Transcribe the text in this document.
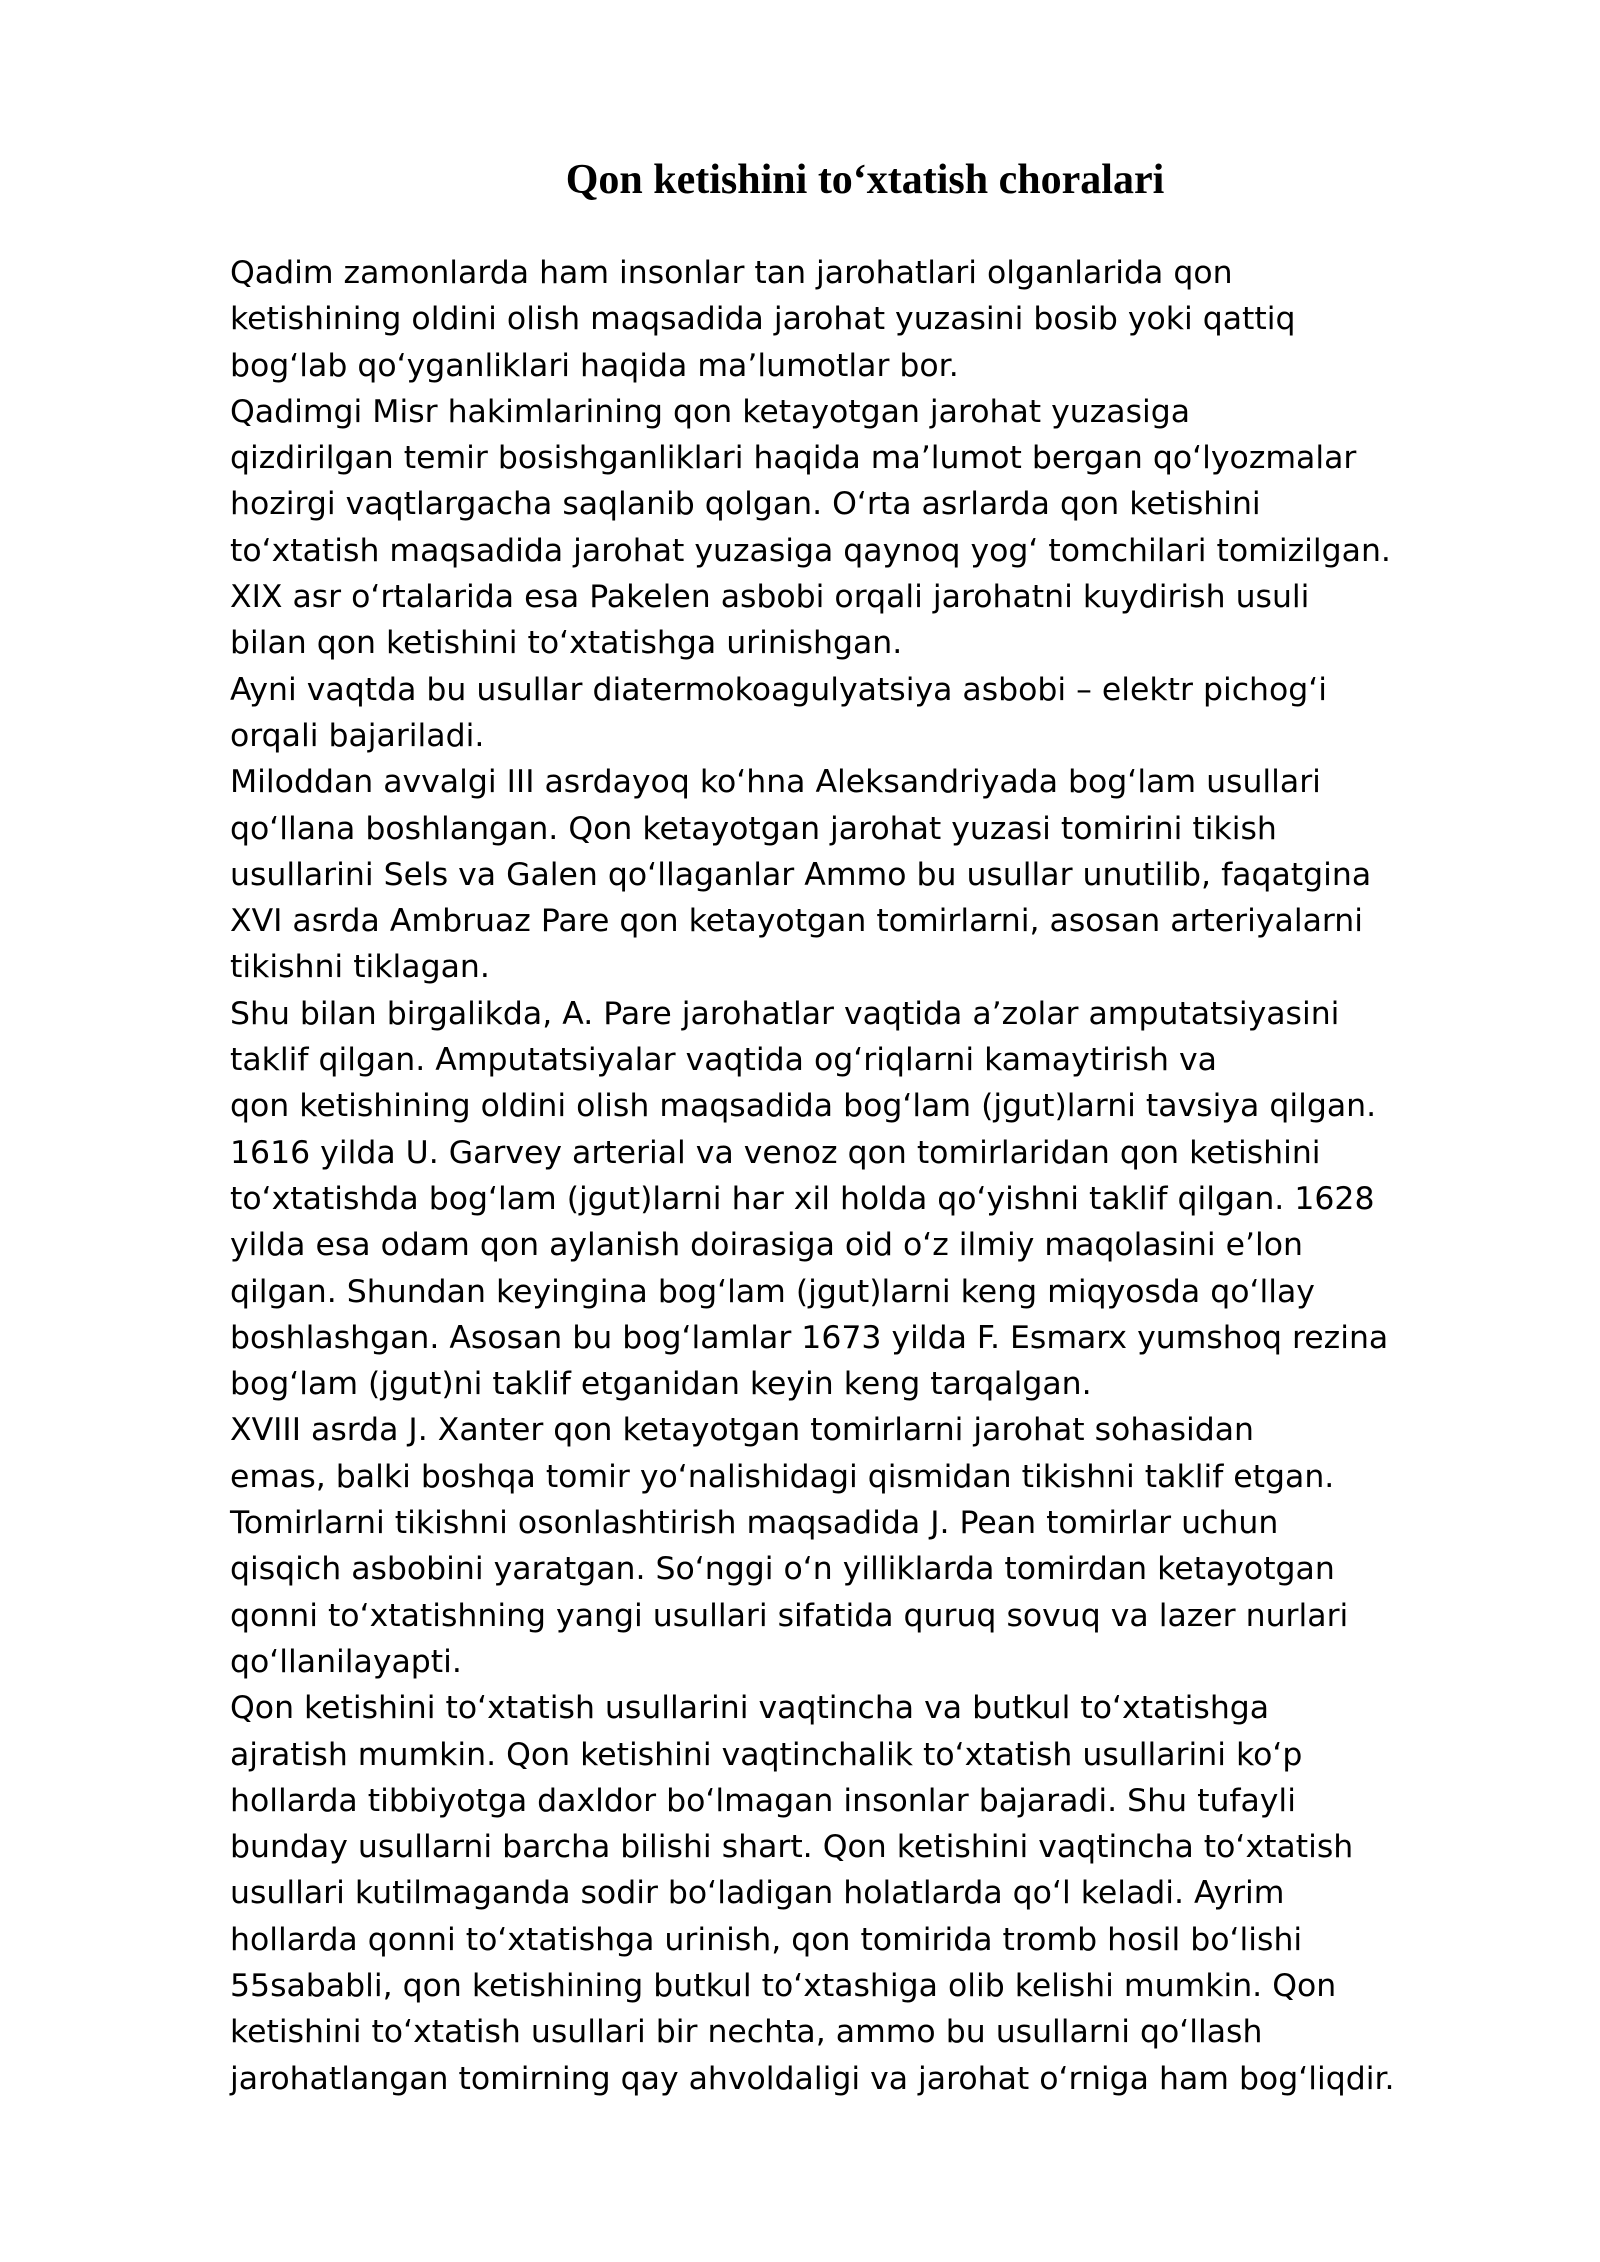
Qon ketishini to‘xtatish choralari
Qadim zamonlarda ham insonlar tan jarohatlari olganlarida qon
ketishining oldini olish maqsadida jarohat yuzasini bosib yoki qattiq
bog‘lab qo‘yganliklari haqida ma’lumotlar bor.
Qadimgi Misr hakimlarining qon ketayotgan jarohat yuzasiga
qizdirilgan temir bosishganliklari haqida ma’lumot bergan qo‘lyozmalar
hozirgi vaqtlargacha saqlanib qolgan. O‘rta asrlarda qon ketishini
to‘xtatish maqsadida jarohat yuzasiga qaynoq yog‘ tomchilari tomizilgan.
XIX asr o‘rtalarida esa Pakelen asbobi orqali jarohatni kuydirish usuli
bilan qon ketishini to‘xtatishga urinishgan.
Ayni vaqtda bu usullar diatermokoagulyatsiya asbobi – elektr pichog‘i
orqali bajariladi.
Miloddan avvalgi III asrdayoq ko‘hna Aleksandriyada bog‘lam usullari
qo‘llana boshlangan. Qon ketayotgan jarohat yuzasi tomirini tikish
usullarini Sels va Galen qo‘llaganlar Ammo bu usullar unutilib, faqatgina
XVI asrda Ambruaz Pare qon ketayotgan tomirlarni, asosan arteriyalarni
tikishni tiklagan.
Shu bilan birgalikda, A. Pare jarohatlar vaqtida a’zolar amputatsiyasini
taklif qilgan. Amputatsiyalar vaqtida og‘riqlarni kamaytirish va
qon ketishining oldini olish maqsadida bog‘lam (jgut)larni tavsiya qilgan.
1616 yilda U. Garvey arterial va venoz qon tomirlaridan qon ketishini
to‘xtatishda bog‘lam (jgut)larni har xil holda qo‘yishni taklif qilgan. 1628
yilda esa odam qon aylanish doirasiga oid o‘z ilmiy maqolasini e’lon
qilgan. Shundan keyingina bog‘lam (jgut)larni keng miqyosda qo‘llay
boshlashgan. Asosan bu bog‘lamlar 1673 yilda F. Esmarx yumshoq rezina
bog‘lam (jgut)ni taklif etganidan keyin keng tarqalgan.
XVIII asrda J. Xanter qon ketayotgan tomirlarni jarohat sohasidan
emas, balki boshqa tomir yo‘nalishidagi qismidan tikishni taklif etgan.
Tomirlarni tikishni osonlashtirish maqsadida J. Pean tomirlar uchun
qisqich asbobini yaratgan. So‘nggi o‘n yilliklarda tomirdan ketayotgan
qonni to‘xtatishning yangi usullari sifatida quruq sovuq va lazer nurlari
qo‘llanilayapti.
Qon ketishini to‘xtatish usullarini vaqtincha va butkul to‘xtatishga
ajratish mumkin. Qon ketishini vaqtinchalik to‘xtatish usullarini ko‘p
hollarda tibbiyotga daxldor bo‘lmagan insonlar bajaradi. Shu tufayli
bunday usullarni barcha bilishi shart. Qon ketishini vaqtincha to‘xtatish
usullari kutilmaganda sodir bo‘ladigan holatlarda qo‘l keladi. Ayrim
hollarda qonni to‘xtatishga urinish, qon tomirida tromb hosil bo‘lishi
55sababli, qon ketishining butkul to‘xtashiga olib kelishi mumkin. Qon
ketishini to‘xtatish usullari bir nechta, ammo bu usullarni qo‘llash
jarohatlangan tomirning qay ahvoldaligi va jarohat o‘rniga ham bog‘liqdir.
